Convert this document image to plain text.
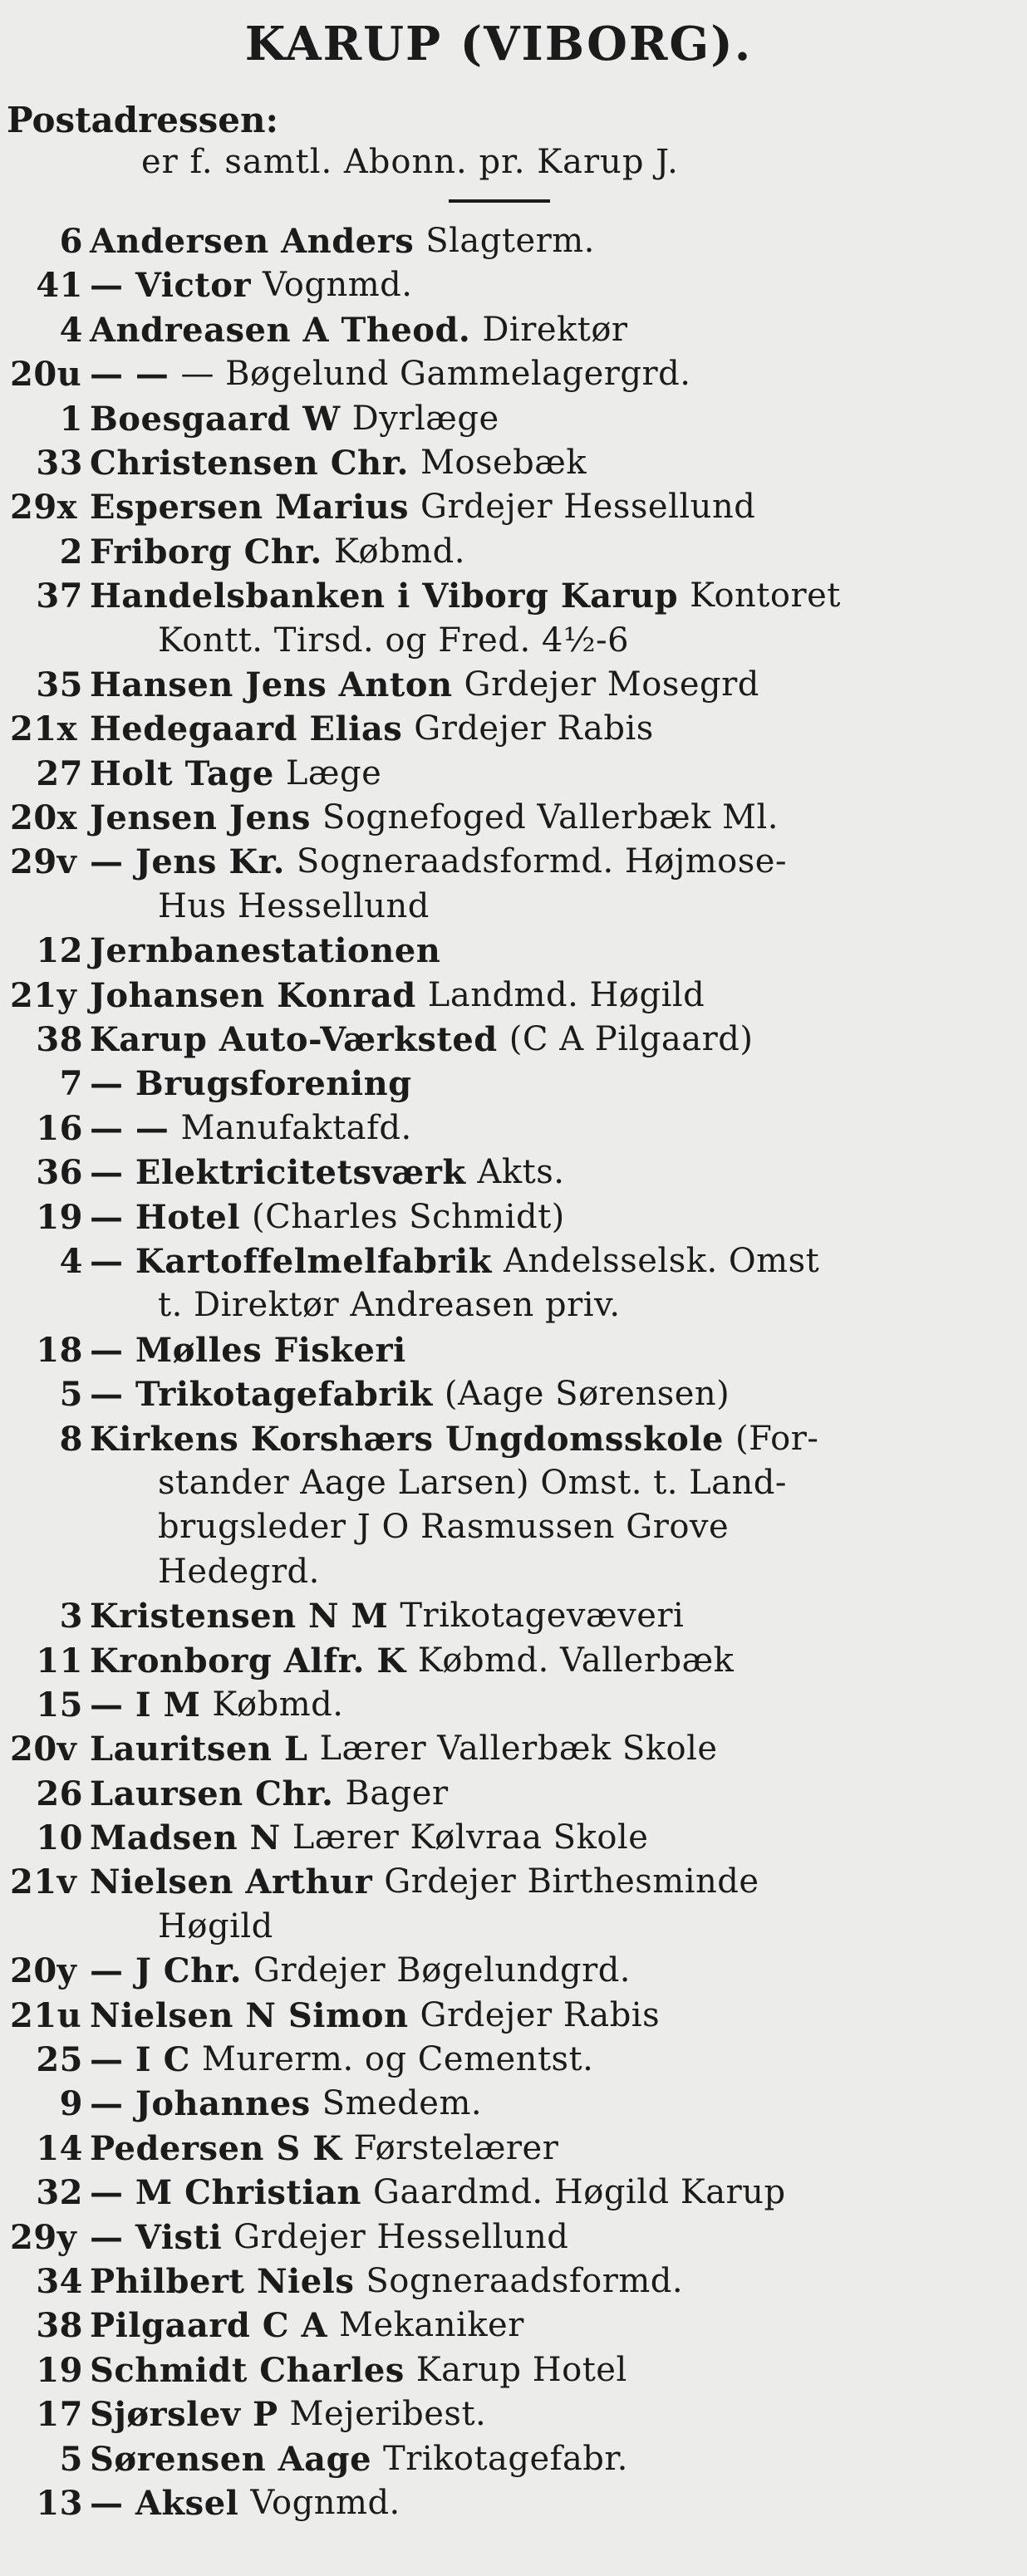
KARUP (VIBORG).
Postadressen:
er f. samtl. Abonn. pr. Karup J.
6 Andersen Anders Slagterm.
41 — Victor Vognmd.
4 Andreasen A Theod. Direktør
20u — — — Bøgelund Gammelagergrd.
1 Boesgaard W Dyrlæge
33 Christensen Chr. Mosebæk
29x Espersen Marius Grdejer Hessellund
2 Friborg Chr. Købmd.
37 Handelsbanken i Viborg Karup Kontoret
Kontt. Tirsd. og Fred. 4½-6
35 Hansen Jens Anton Grdejer Mosegrd
21x Hedegaard Elias Grdejer Rabis
27 Holt Tage Læge
20x Jensen Jens Sognefoged Vallerbæk Ml.
29v — Jens Kr. Sogneraadsformd. Højmose-
Hus Hessellund
12 Jernbanestationen
21y Johansen Konrad Landmd. Høgild
38 Karup Auto-Værksted (C A Pilgaard)
7 — Brugsforening
16 — — Manufaktafd.
36 — Elektricitetsværk Akts.
19 — Hotel (Charles Schmidt)
4 — Kartoffelmelfabrik Andelsselsk. Omst
t. Direktør Andreasen priv.
18 — Mølles Fiskeri
5 — Trikotagefabrik (Aage Sørensen)
8 Kirkens Korshærs Ungdomsskole (For-
stander Aage Larsen) Omst. t. Land-
brugsleder J O Rasmussen Grove
Hedegrd.
3 Kristensen N M Trikotagevæveri
11 Kronborg Alfr. K Købmd. Vallerbæk
15 — I M Købmd.
20v Lauritsen L Lærer Vallerbæk Skole
26 Laursen Chr. Bager
10 Madsen N Lærer Kølvraa Skole
21v Nielsen Arthur Grdejer Birthesminde
Høgild
20y — J Chr. Grdejer Bøgelundgrd.
21u Nielsen N Simon Grdejer Rabis
25 — I C Murerm. og Cementst.
9 — Johannes Smedem.
14 Pedersen S K Førstelærer
32 — M Christian Gaardmd. Høgild Karup
29y — Visti Grdejer Hessellund
34 Philbert Niels Sogneraadsformd.
38 Pilgaard C A Mekaniker
19 Schmidt Charles Karup Hotel
17 Sjørslev P Mejeribest.
5 Sørensen Aage Trikotagefabr.
13 — Aksel Vognmd.
